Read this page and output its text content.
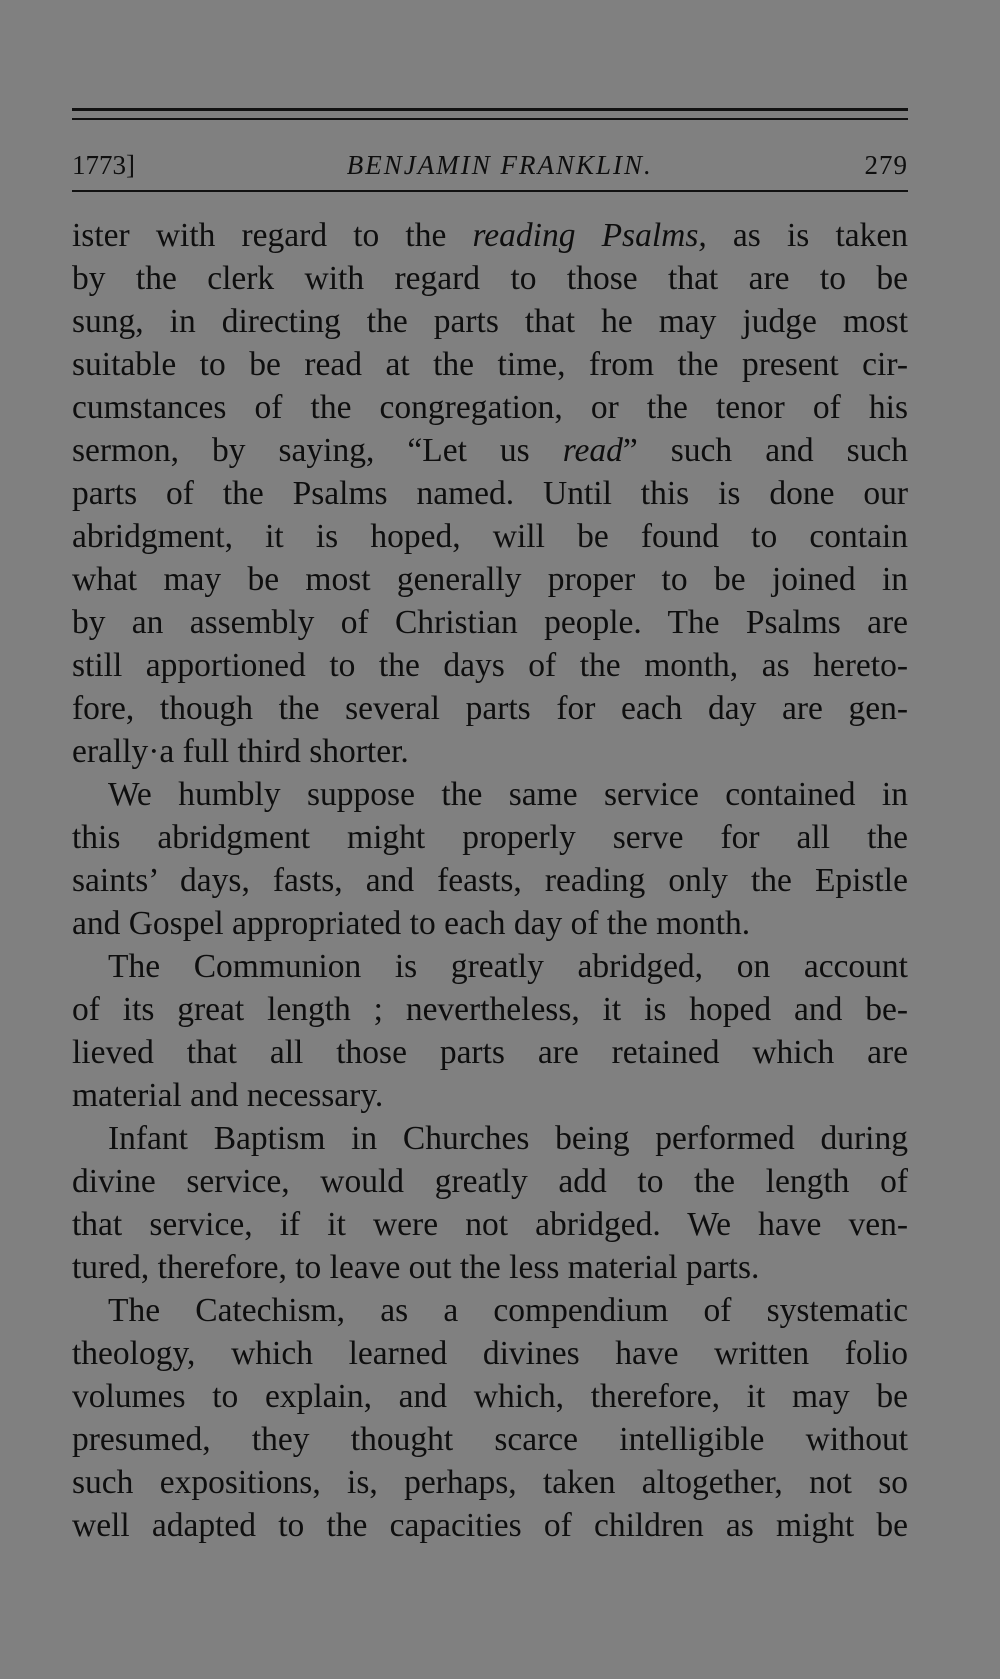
1773]	BENJAMIN FRANKLIN.	279
ister with regard to the reading Psalms, as is taken
by the clerk with regard to those that are to be
sung, in directing the parts that he may judge most
suitable to be read at the time, from the present cir-
cumstances of the congregation, or the tenor of his
sermon, by saying, “Let us read” such and such
parts of the Psalms named. Until this is done our
abridgment, it is hoped, will be found to contain
what may be most generally proper to be joined in
by an assembly of Christian people. The Psalms are
still apportioned to the days of the month, as hereto-
fore, though the several parts for each day are gen-
erally·a full third shorter.
We humbly suppose the same service contained in
this abridgment might properly serve for all the
saints’ days, fasts, and feasts, reading only the Epistle
and Gospel appropriated to each day of the month.
The Communion is greatly abridged, on account
of its great length ; nevertheless, it is hoped and be-
lieved that all those parts are retained which are
material and necessary.
Infant Baptism in Churches being performed during
divine service, would greatly add to the length of
that service, if it were not abridged. We have ven-
tured, therefore, to leave out the less material parts.
The Catechism, as a compendium of systematic
theology, which learned divines have written folio
volumes to explain, and which, therefore, it may be
presumed, they thought scarce intelligible without
such expositions, is, perhaps, taken altogether, not so
well adapted to the capacities of children as might be
